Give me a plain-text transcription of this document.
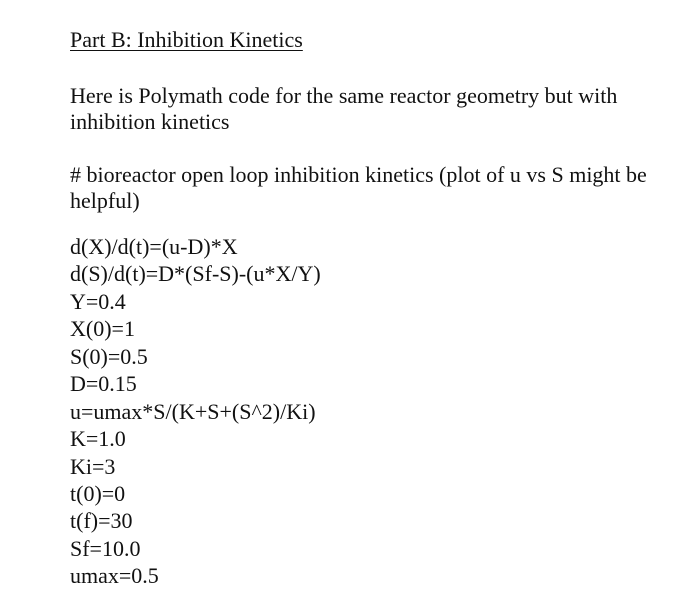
Part B: Inhibition Kinetics

Here is Polymath code for the same reactor geometry but with inhibition kinetics

# bioreactor open loop inhibition kinetics (plot of u vs S might be helpful)

d(X)/d(t)=(u-D)*X
d(S)/d(t)=D*(Sf-S)-(u*X/Y)
Y=0.4
X(0)=1
S(0)=0.5
D=0.15
u=umax*S/(K+S+(S^2)/Ki)
K=1.0
Ki=3
t(0)=0
t(f)=30
Sf=10.0
umax=0.5
